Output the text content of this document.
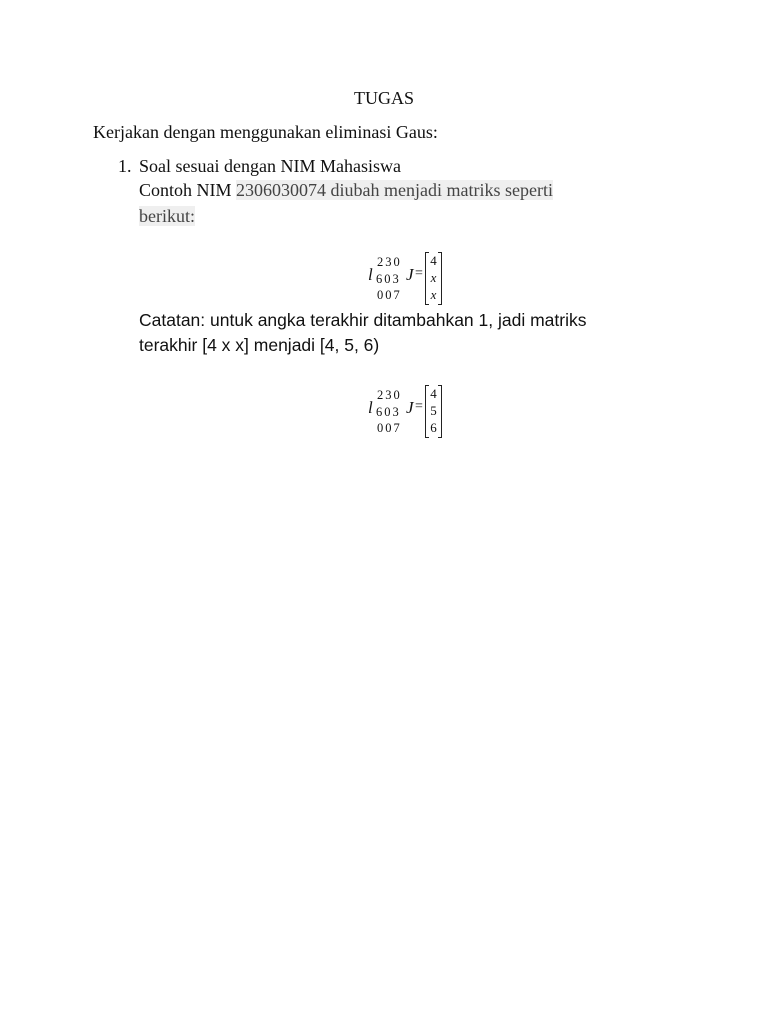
TUGAS
Kerjakan dengan menggunakan eliminasi Gaus:
1. Soal sesuai dengan NIM Mahasiswa
Contoh NIM 2306030074 diubah menjadi matriks seperti
berikut:
230
603
007
l J =
4
x
x
Catatan: untuk angka terakhir ditambahkan 1, jadi matriks
terakhir [4 x x] menjadi [4, 5, 6)
230
603
007
l J =
4
5
6
